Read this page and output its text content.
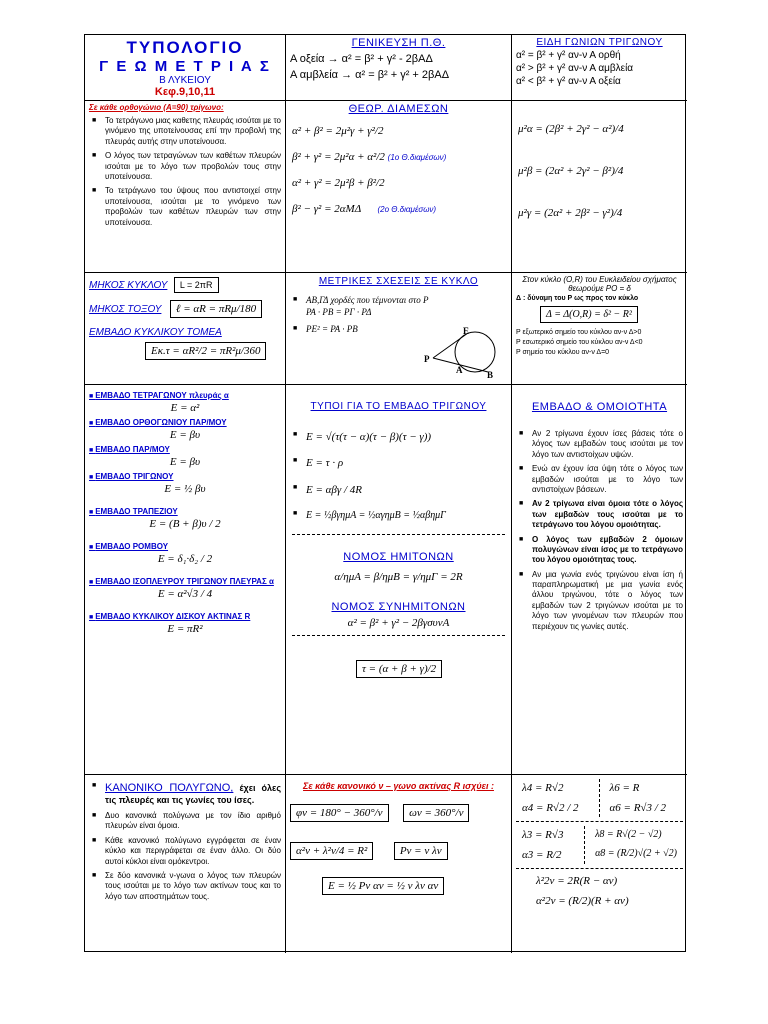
ΤΥΠΟΛΟΓΙΟ
Γ Ε Ω Μ Ε Τ Ρ Ι Α Σ
Β ΛΥΚΕΙΟΥ
Κεφ.9,10,11
ΓΕΝΙΚΕΥΣΗ Π.Θ.
Α οξεία → α² = β² + γ² - 2βΑΔ
Α αμβλεία → α² = β² + γ² + 2βΑΔ
ΕΙΔΗ ΓΩΝΙΩΝ ΤΡΙΓΩΝΟΥ
α² = β² + γ² αν-ν Α ορθή
α² > β² + γ² αν-ν Α αμβλεία
α² < β² + γ² αν-ν Α οξεία
Σε κάθε ορθογώνιο (Α=90) τρίγωνο:
■ Το τετράγωνο μιας καθετης πλευράς ισούται με το γινόμενο της υποτείνουσας επί την προβολή της πλευράς αυτής στην υποτείνουσα.
■ Ο λόγος των τετραγώνων των καθέτων πλευρών ισούται με το λόγο των προβολών τους στην υποτείνουσα.
■ Το τετράγωνο του ύψους που αντιστοιχεί στην υποτείνουσα, ισούται με το γινόμενο των προβολών των καθέτων πλευρών των στην υποτείνουσα.
ΘΕΩΡ. ΔΙΑΜΕΣΩΝ
α² + β² = 2μ²γ + γ²/2
β² + γ² = 2μ²α + α²/2 (1ο Θ.διαμέσων)
α² + γ² = 2μ²β + β²/2
β² − γ² = 2αΜΔ (2ο Θ.διαμέσων)
μ²α = (2β² + 2γ² − α²)/4
μ²β = (2α² + 2γ² − β²)/4
μ²γ = (2α² + 2β² − γ²)/4
ΜΗΚΟΣ ΚΥΚΛΟΥ L = 2πR
ΜΗΚΟΣ ΤΟΞΟΥ ℓ = αR = πRμ/180
ΕΜΒΑΔΟ ΚΥΚΛΙΚΟΥ ΤΟΜΕΑ
Εκ.τ = αR²/2 = πR²μ/360
ΜΕΤΡΙΚΕΣ ΣΧΕΣΕΙΣ ΣΕ ΚΥΚΛΟ
■ ΑΒ,ΓΔ χορδές που τέμνονται στο Ρ
ΡΑ · ΡΒ = ΡΓ · ΡΔ
■ ΡΕ² = ΡΑ · ΡΒ	Ε
Ρ
Α	Β
Στον κύκλο (O,R) του Ευκλειδείου σχήματος θεωρούμε ΡΟ = δ
Δ : δύναμη του Ρ ως προς τον κύκλο
Δ = Δ(O,R) = δ² − R²
Ρ εξωτερικό σημείο του κύκλου αν-ν Δ>0
Ρ εσωτερικό σημείο του κύκλου αν-ν Δ<0
Ρ σημείο του κύκλου αν-ν Δ=0
■ ΕΜΒΑΔΟ ΤΕΤΡΑΓΩΝΟΥ πλευράς α
Ε = α²
■ ΕΜΒΑΔΟ ΟΡΘΟΓΩΝΙΟΥ ΠΑΡ/ΜΟΥ
Ε = βυ
■ ΕΜΒΑΔΟ ΠΑΡ/ΜΟΥ
Ε = βυ
■ ΕΜΒΑΔΟ ΤΡΙΓΩΝΟΥ
Ε = ½ βυ
■ ΕΜΒΑΔΟ ΤΡΑΠΕΖΙΟΥ
Ε = (Β + β)υ / 2
■ ΕΜΒΑΔΟ ΡΟΜΒΟΥ
Ε = δ₁·δ₂ / 2
■ ΕΜΒΑΔΟ ΙΣΟΠΛΕΥΡΟΥ ΤΡΙΓΩΝΟΥ ΠΛΕΥΡΑΣ α
Ε = α²√3 / 4
■ ΕΜΒΑΔΟ ΚΥΚΛΙΚΟΥ ΔΙΣΚΟΥ ΑΚΤΙΝΑΣ R
Ε = πR²
ΤΥΠΟΙ ΓΙΑ ΤΟ ΕΜΒΑΔΟ ΤΡΙΓΩΝΟΥ
■ Ε = √(τ(τ − α)(τ − β)(τ − γ))
■ Ε = τ · ρ
■ Ε = αβγ / 4R
■ Ε = ½βγημΑ = ½αγημΒ = ½αβημΓ
ΝΟΜΟΣ ΗΜΙΤΟΝΩΝ
α/ημΑ = β/ημΒ = γ/ημΓ = 2R
ΝΟΜΟΣ ΣΥΝΗΜΙΤΟΝΩΝ
α² = β² + γ² − 2βγσυνΑ
τ = (α + β + γ)/2
ΕΜΒΑΔΟ & ΟΜΟΙΟΤΗΤΑ
■ Αν 2 τρίγωνα έχουν ίσες βάσεις τότε ο λόγος των εμβαδών τους ισούται με τον λόγο των αντιστοίχων υψών.
■ Ενώ αν έχουν ίσα ύψη τότε ο λόγος των εμβαδών ισούται με το λόγο των αντιστοίχων βάσεων.
■ Αν 2 τρίγωνα είναι όμοια τότε ο λόγος των εμβαδών τους ισούται με το τετράγωνο του λόγου ομοιότητας.
■ Ο λόγος των εμβαδών 2 όμοιων πολυγώνων είναι ίσος με το τετράγωνο του λόγου ομοιότητας τους.
■ Αν μια γωνία ενός τριγώνου είναι ίση ή παραπληρωματική με μια γωνία ενός άλλου τριγώνου, τότε ο λόγος των εμβαδών των 2 τριγώνων ισούται με το λόγο των γινομένων των πλευρών που περιέχουν τις γωνίες αυτές.
■ ΚΑΝΟΝΙΚΟ ΠΟΛΥΓΩΝΟ, έχει όλες τις πλευρές και τις γωνίες του ίσες.
■ Δυο κανονικά πολύγωνα με τον ίδιο αριθμό πλευρών είναι όμοια.
■ Κάθε κανονικό πολύγωνο εγγράφεται σε έναν κύκλο και περιγράφεται σε έναν άλλο. Οι δύο αυτοί κύκλοι είναι ομόκεντροι.
■ Σε δύο κανονικά ν-γωνα ο λόγος των πλευρών τους ισούται με το λόγο των ακτίνων τους και το λόγο των αποστημάτων τους.
Σε κάθε κανονικό ν – γωνο ακτίνας R ισχύει :
φν = 180° − 360°/ν ων = 360°/ν
α²ν + λ²ν/4 = R²	Ρν = ν λν
Ε = ½ Ρν αν = ½ ν λν αν
λ4 = R√2
α4 = R√2 / 2
λ6 = R
α6 = R√3 / 2
λ3 = R√3
α3 = R/2
λ8 = R√(2 − √2)
α8 = (R/2)√(2 + √2)
λ²2ν = 2R(R − αν)
α²2ν = (R/2)(R + αν)
